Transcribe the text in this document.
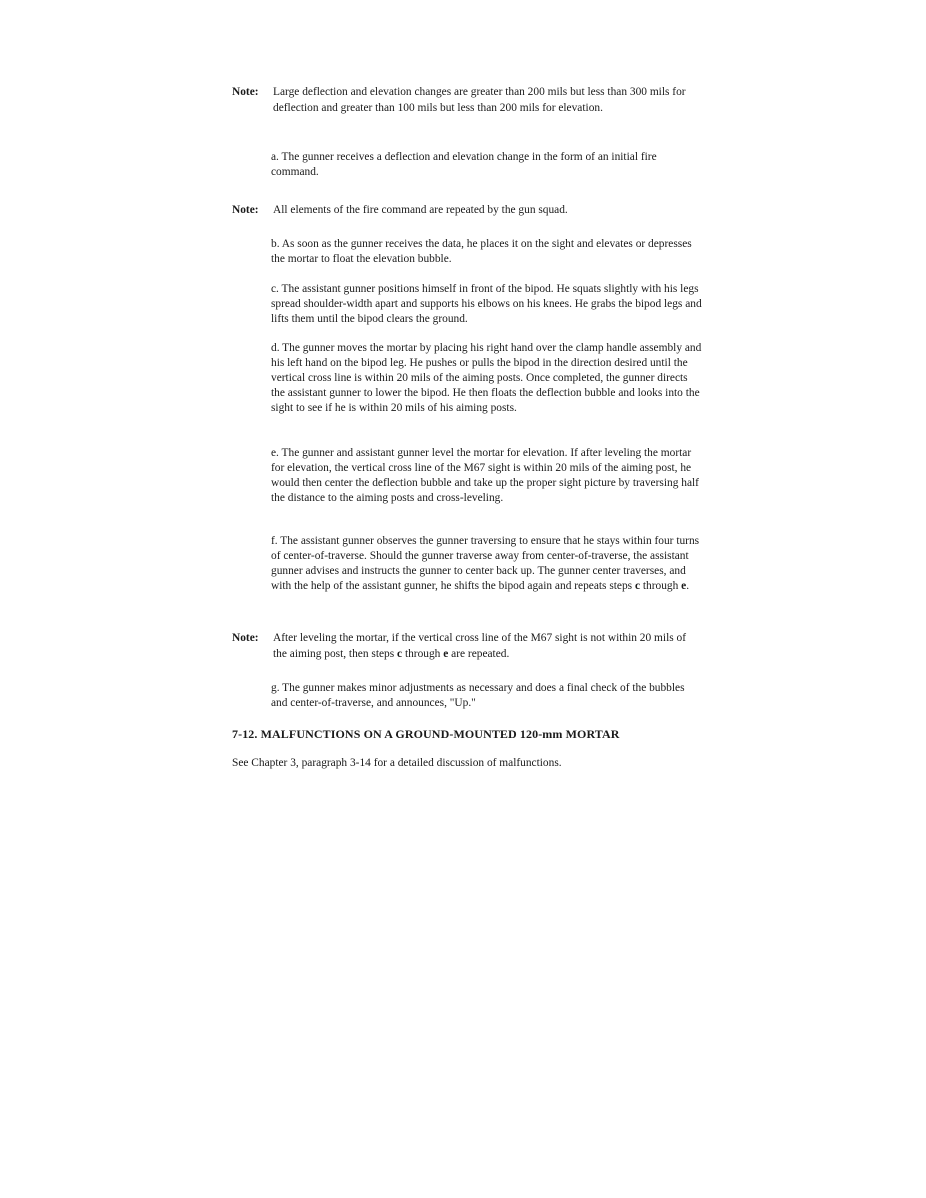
Note: Large deflection and elevation changes are greater than 200 mils but less than 300 mils for deflection and greater than 100 mils but less than 200 mils for elevation.
a. The gunner receives a deflection and elevation change in the form of an initial fire command.
Note: All elements of the fire command are repeated by the gun squad.
b. As soon as the gunner receives the data, he places it on the sight and elevates or depresses the mortar to float the elevation bubble.
c. The assistant gunner positions himself in front of the bipod. He squats slightly with his legs spread shoulder-width apart and supports his elbows on his knees. He grabs the bipod legs and lifts them until the bipod clears the ground.
d. The gunner moves the mortar by placing his right hand over the clamp handle assembly and his left hand on the bipod leg. He pushes or pulls the bipod in the direction desired until the vertical cross line is within 20 mils of the aiming posts. Once completed, the gunner directs the assistant gunner to lower the bipod. He then floats the deflection bubble and looks into the sight to see if he is within 20 mils of his aiming posts.
e. The gunner and assistant gunner level the mortar for elevation. If after leveling the mortar for elevation, the vertical cross line of the M67 sight is within 20 mils of the aiming post, he would then center the deflection bubble and take up the proper sight picture by traversing half the distance to the aiming posts and cross-leveling.
f. The assistant gunner observes the gunner traversing to ensure that he stays within four turns of center-of-traverse. Should the gunner traverse away from center-of-traverse, the assistant gunner advises and instructs the gunner to center back up. The gunner center traverses, and with the help of the assistant gunner, he shifts the bipod again and repeats steps c through e.
Note: After leveling the mortar, if the vertical cross line of the M67 sight is not within 20 mils of the aiming post, then steps c through e are repeated.
g. The gunner makes minor adjustments as necessary and does a final check of the bubbles and center-of-traverse, and announces, "Up."
7-12. MALFUNCTIONS ON A GROUND-MOUNTED 120-mm MORTAR
See Chapter 3, paragraph 3-14 for a detailed discussion of malfunctions.
